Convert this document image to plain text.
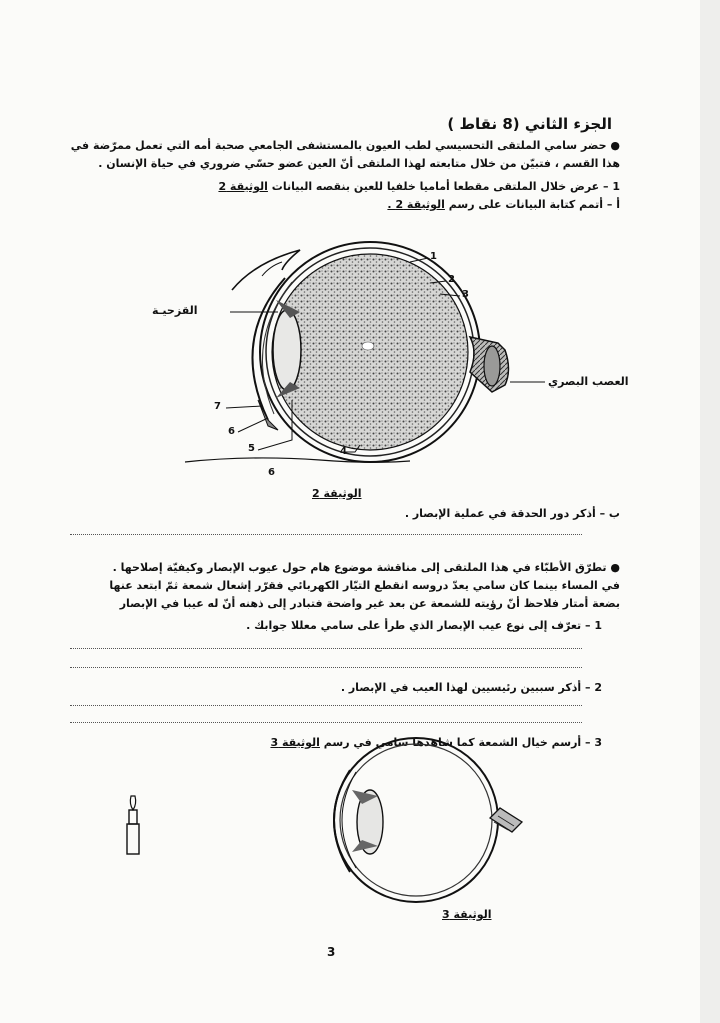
الجزء الثاني (8 نقاط )
● حضر سامي الملتقى التحسيسي لطب العيون بالمستشفى الجامعي صحبة أمه التي تعمل ممرّضة في
هذا القسم ، فتبيّن من خلال متابعته لهذا الملتقى أنّ العين عضو حسّي ضروري في حياة الإنسان .
1 – عرض خلال الملتقى مقطعا أماميا خلفيا للعين بنقصه البيانات الوثيقة 2
أ – أتمم كتابة البيانات على رسم الوثيقة 2 .
1
2
3
القزحيـة
العصب البصري
7
6
5	4
6
الوثيقة 2
ب – أذكر دور الحدقة في عملية الإبصار .
● تطرّق الأطبّاء في هذا الملتقى إلى مناقشة موضوع هام حول عيوب الإبصار وكيفيّة إصلاحها .
في المساء بينما كان سامي يعدّ دروسه انقطع التيّار الكهربائي فقرّر إشعال شمعة ثمّ ابتعد عنها
بضعة أمتار فلاحظ أنّ رؤيته للشمعة عن بعد غير واضحة فتبادر إلى ذهنه أنّ له عيبا في الإبصار
1 – تعرّف إلى نوع عيب الإبصار الذي طرأ على سامي معللا جوابك .
2 – أذكر سببين رئيسيين لهذا العيب في الإبصار .
3 – أرسم خيال الشمعة كما شاهدها سامي في رسم الوثيقة 3
الوثيقة 3
3
